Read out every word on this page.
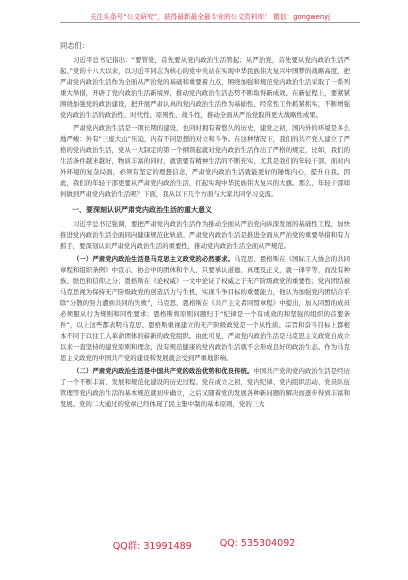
关注头条号“公文研究”，获得最新最全最专业的公文资料库！ 微信：gongwenyj

同志们：

习近平总书记指出：“要管党，首先要从党内政治生活管起；从严治党，首先要从党内政治生活严起。”党的十八大以来，以习近平同志为核心的党中央站在实现中华民族伟大复兴中国梦的战略高度，把严肃党内政治生活作为全面从严治党的基础和重要着力点，围绕加强和规范党内政治生活采取了一系列重大举措，开辟了党内政治生活新境界，推动党内政治生活态势不断取得新成效。在新征程上，要紧紧围绕加强党的政治建设，把开展严肃认真的党内政治生活作为基础性、经常性工作抓紧抓实，不断增强党内政治生活的政治性、时代性、原则性、战斗性，推动全面从严治党取得更大战略性成果。

严肃党内政治生活是一项长期的建设，也同时拥有着悠久的历史，建党之初，国内外的环境是多么地严峻：外有“三座大山”压迫，内有不同思想的对立和斗争。在这种情况下，我们的共产党人建立了严格的党内政治生活，党从一大制定的第一个纲领起就对党内政治生活作出了严格的规定，比如，我们的生活条件越来越好，物质丰富的同时，就需要有精神生活的不断充实，尤其是我们的年轻干部，面对内外环境的复杂局面，必须有坚定的理想信念，严肃党内政治生活就能更好的锤炼内心，提升自我。因此，我们的年轻干部更要从严肃党内政治生活，扛起实现中华民族伟大复兴的大旗。那么，年轻干部如何做到严肃党内政治生活呢？下面，我从以下几个方面与大家共同学习交流。

一、要深刻认识严肃党内政治生活的重大意义

习近平总书记强调，要把严肃党内政治生活作为推动全面从严治党向纵深发展的基础性工程，加快推进党内政治生活全面同向健康规范化轨道。严肃党内政治生活是推进全面从严治党的重要举措和有力抓手，要深刻认识严肃党内政治生活的重要性，推动党内政治生活全面从严规范。

（一）严肃党内政治生活是马克思主义政党的必然要求。马克思、恩格斯在《国际工人协会的共同章程和组织条例》中宣示，协会中的团体和个人，只要承认道德、真理及正义，就一律平等，而没有种族、肤色和信仰之分；恩格斯在《论权威》一文中论证了权威之于无产阶级政党的重要性；党内团结被马克思视为保持无产阶级政党的创造活力与生机，实现斗争目标的重要能力，他认为加强党内团结合乎除“分散的努力遭到共同的失败”，马克思、恩格斯在《共产主义者同盟章程》中提出，加入同盟的成员必须服从行为规则和同性要求；恩格斯将原则问题归于“纪律是一个有成效的和坚强的组织的首要条件”，以上这些都表明马克思、恩格斯重视建立的无产阶级政党是一个从性质、宗旨和奋斗目标上都根本不同于以往工人革命团体的崭新的政党组织。由此可见，严肃党内政治生活是马克思主义政党自成立以来一直坚持的建党原则和理念，没有规范健康的党内政治生活就不会形成良好的政治生态。作为马克思主义政党的中国共产党的建设和发展就会受到严重地影响。

（二）严肃党内政治生活是中国共产党的政治优势和优良传统。中国共产党的党内政治生活是经历了一个不断丰富、发展和规范化建设的历史过程。党在成立之初，党内纪律、党内组织活动、党员队伍管理等党内政治生活的基本规范就初步确立，之后又随着党的发展各种新问题的解决而逐步得到丰富和发展。党的二大通过的党章已经体现了民主集中制的基本原则，党的三大

QQ群: 31991489	QQ: 535304092
